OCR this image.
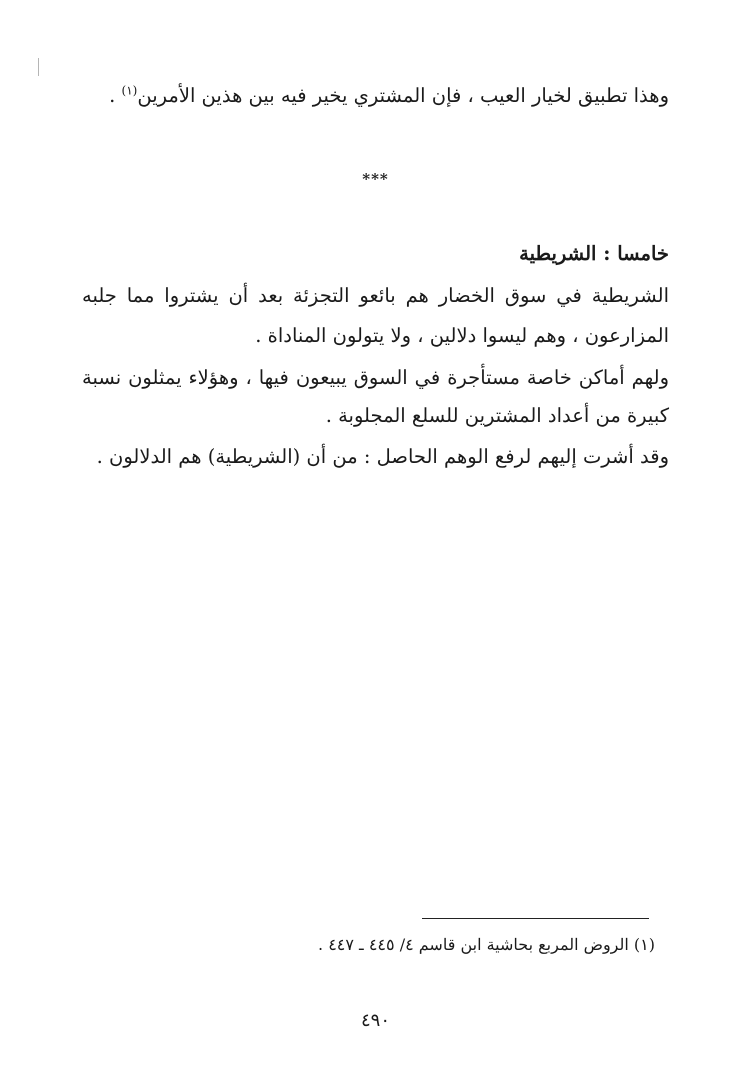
وهذا تطبيق لخيار العيب ، فإن المشتري يخير فيه بين هذين الأمرين$^{(١)}$ .
***
خامسا : الشريطية
الشريطية في سوق الخضار هم بائعو التجزئة بعد أن يشتروا مما جلبه
المزارعون ، وهم ليسوا دلالين ، ولا يتولون المناداة .
ولهم أماكن خاصة مستأجرة في السوق يبيعون فيها ، وهؤلاء يمثلون نسبة
كبيرة من أعداد المشترين للسلع المجلوبة .
وقد أشرت إليهم لرفع الوهم الحاصل : من أن (الشريطية) هم الدلالون .
(١) الروض المربع بحاشية ابن قاسم ٤/ ٤٤٥ ـ ٤٤٧ .
٤٩٠
